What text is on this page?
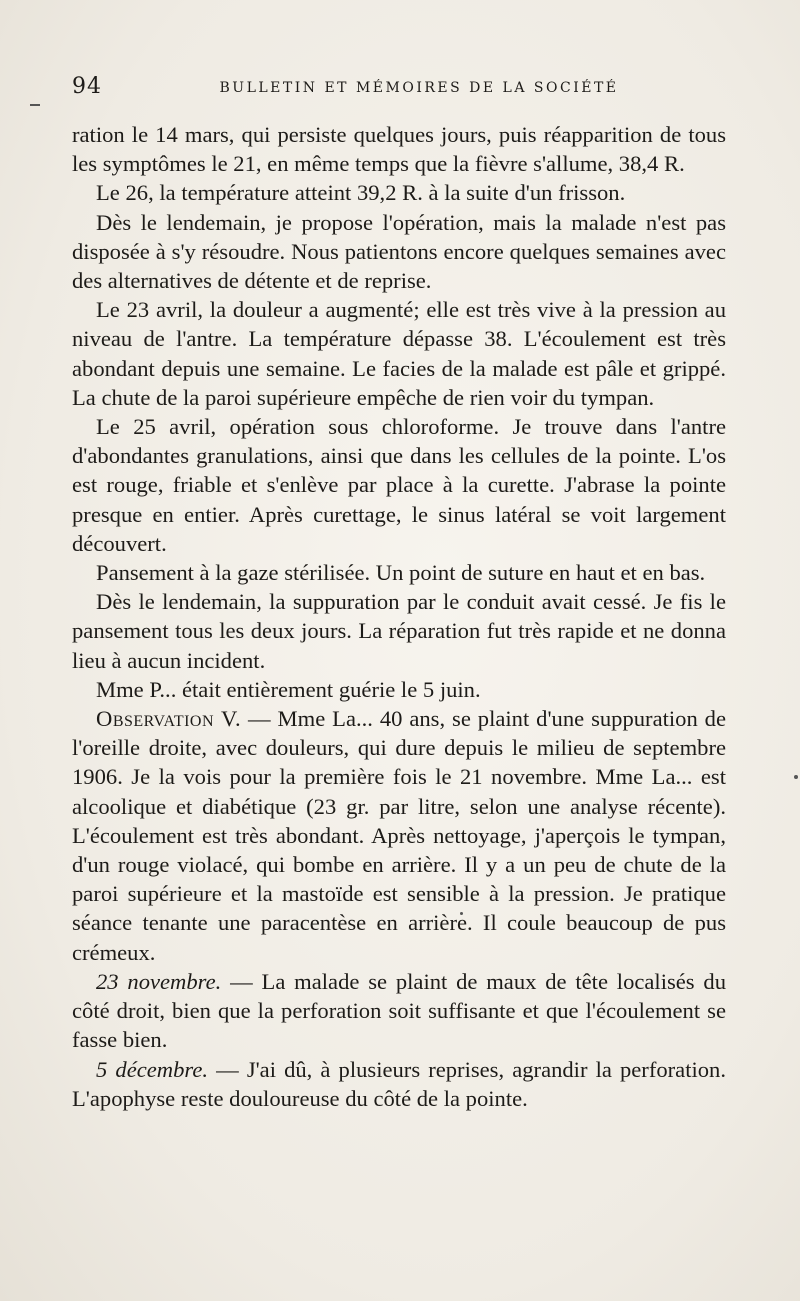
94	BULLETIN ET MÉMOIRES DE LA SOCIÉTÉ

ration le 14 mars, qui persiste quelques jours, puis réapparition de tous les symptômes le 21, en même temps que la fièvre s'allume, 38,4 R.

Le 26, la température atteint 39,2 R. à la suite d'un frisson.

Dès le lendemain, je propose l'opération, mais la malade n'est pas disposée à s'y résoudre. Nous patientons encore quelques semaines avec des alternatives de détente et de reprise.

Le 23 avril, la douleur a augmenté; elle est très vive à la pression au niveau de l'antre. La température dépasse 38. L'écoulement est très abondant depuis une semaine. Le facies de la malade est pâle et grippé. La chute de la paroi supérieure empêche de rien voir du tympan.

Le 25 avril, opération sous chloroforme. Je trouve dans l'antre d'abondantes granulations, ainsi que dans les cellules de la pointe. L'os est rouge, friable et s'enlève par place à la curette. J'abrase la pointe presque en entier. Après curettage, le sinus latéral se voit largement découvert.

Pansement à la gaze stérilisée. Un point de suture en haut et en bas.

Dès le lendemain, la suppuration par le conduit avait cessé. Je fis le pansement tous les deux jours. La réparation fut très rapide et ne donna lieu à aucun incident.

Mme P... était entièrement guérie le 5 juin.

Observation V. — Mme La... 40 ans, se plaint d'une suppuration de l'oreille droite, avec douleurs, qui dure depuis le milieu de septembre 1906. Je la vois pour la première fois le 21 novembre. Mme La... est alcoolique et diabétique (23 gr. par litre, selon une analyse récente). L'écoulement est très abondant. Après nettoyage, j'aperçois le tympan, d'un rouge violacé, qui bombe en arrière. Il y a un peu de chute de la paroi supérieure et la mastoïde est sensible à la pression. Je pratique séance tenante une paracentèse en arrière. Il coule beaucoup de pus crémeux.

23 novembre. — La malade se plaint de maux de tête localisés du côté droit, bien que la perforation soit suffisante et que l'écoulement se fasse bien.

5 décembre. — J'ai dû, à plusieurs reprises, agrandir la perforation. L'apophyse reste douloureuse du côté de la pointe.
